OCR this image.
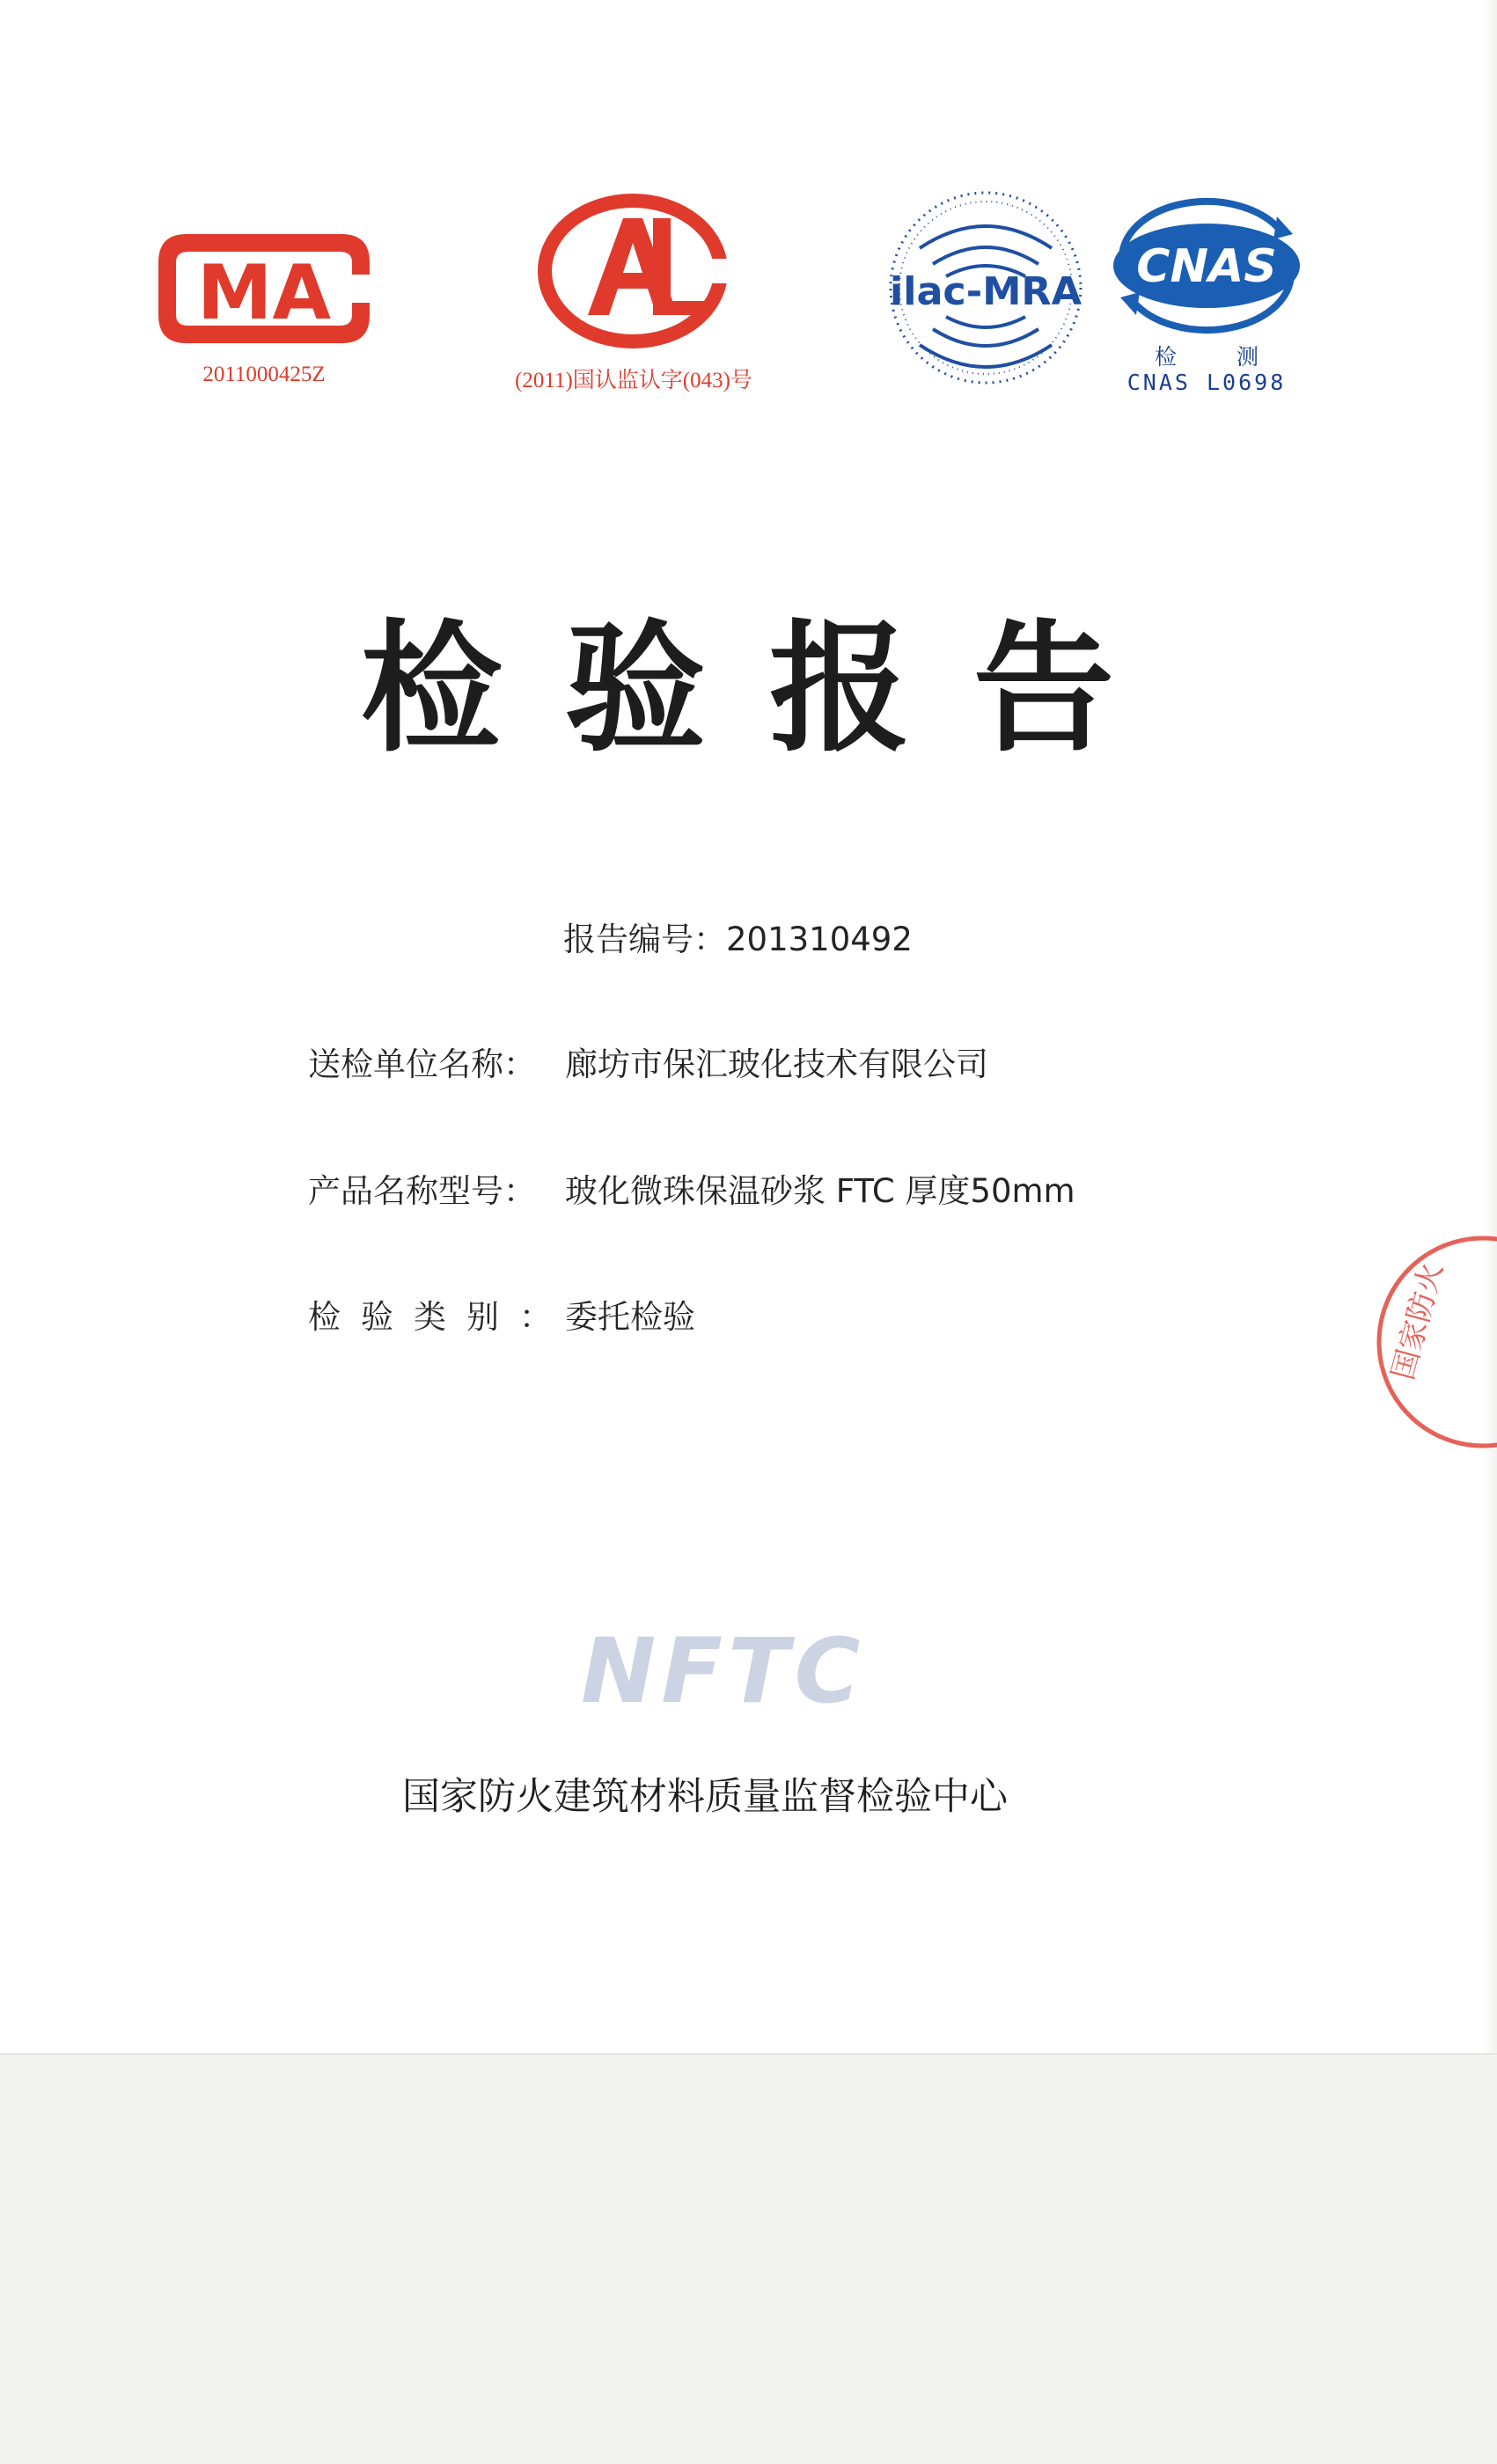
MA
2011000425Z	(2011)国认监认字(043)号
ilac-MRA CNAS
检 测
CNAS L0698
检验报告
报告编号：201310492
送检单位名称： 廊坊市保汇玻化技术有限公司
产品名称型号： 玻化微珠保温砂浆 FTC 厚度50mm
检验类别：
委托检验
NFTC
国家防火建筑材料质量监督检验中心
国家防火
